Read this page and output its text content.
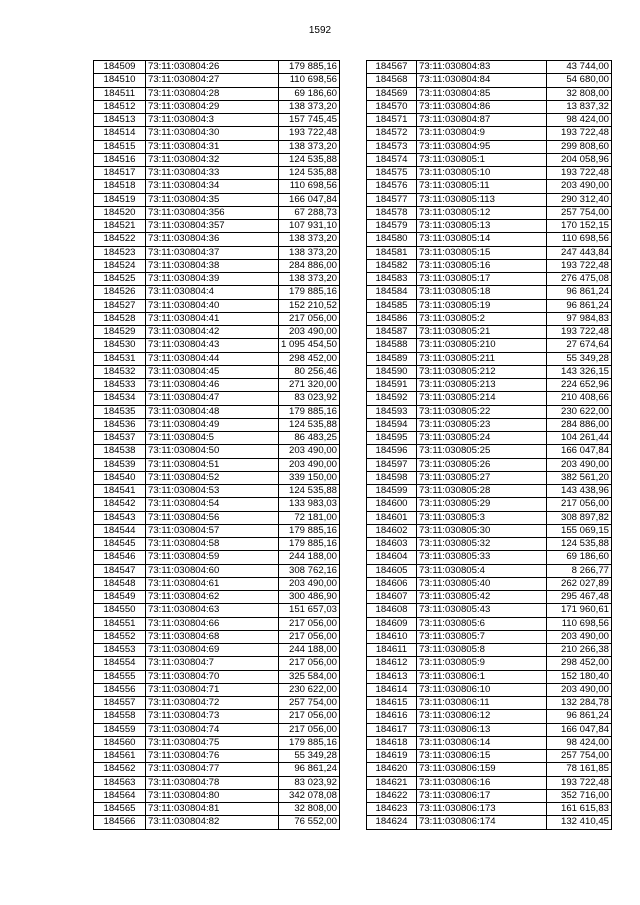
1592
184509	73:11:030804:26	179 885,16
184510	73:11:030804:27	110 698,56
184511	73:11:030804:28	69 186,60
184512	73:11:030804:29	138 373,20
184513	73:11:030804:3	157 745,45
184514	73:11:030804:30	193 722,48
184515	73:11:030804:31	138 373,20
184516	73:11:030804:32	124 535,88
184517	73:11:030804:33	124 535,88
184518	73:11:030804:34	110 698,56
184519	73:11:030804:35	166 047,84
184520	73:11:030804:356	67 288,73
184521	73:11:030804:357	107 931,10
184522	73:11:030804:36	138 373,20
184523	73:11:030804:37	138 373,20
184524	73:11:030804:38	284 886,00
184525	73:11:030804:39	138 373,20
184526	73:11:030804:4	179 885,16
184527	73:11:030804:40	152 210,52
184528	73:11:030804:41	217 056,00
184529	73:11:030804:42	203 490,00
184530	73:11:030804:43	1 095 454,50
184531	73:11:030804:44	298 452,00
184532	73:11:030804:45	80 256,46
184533	73:11:030804:46	271 320,00
184534	73:11:030804:47	83 023,92
184535	73:11:030804:48	179 885,16
184536	73:11:030804:49	124 535,88
184537	73:11:030804:5	86 483,25
184538	73:11:030804:50	203 490,00
184539	73:11:030804:51	203 490,00
184540	73:11:030804:52	339 150,00
184541	73:11:030804:53	124 535,88
184542	73:11:030804:54	133 983,03
184543	73:11:030804:56	72 181,00
184544	73:11:030804:57	179 885,16
184545	73:11:030804:58	179 885,16
184546	73:11:030804:59	244 188,00
184547	73:11:030804:60	308 762,16
184548	73:11:030804:61	203 490,00
184549	73:11:030804:62	300 486,90
184550	73:11:030804:63	151 657,03
184551	73:11:030804:66	217 056,00
184552	73:11:030804:68	217 056,00
184553	73:11:030804:69	244 188,00
184554	73:11:030804:7	217 056,00
184555	73:11:030804:70	325 584,00
184556	73:11:030804:71	230 622,00
184557	73:11:030804:72	257 754,00
184558	73:11:030804:73	217 056,00
184559	73:11:030804:74	217 056,00
184560	73:11:030804:75	179 885,16
184561	73:11:030804:76	55 349,28
184562	73:11:030804:77	96 861,24
184563	73:11:030804:78	83 023,92
184564	73:11:030804:80	342 078,08
184565	73:11:030804:81	32 808,00
184566	73:11:030804:82	76 552,00
184567	73:11:030804:83	43 744,00
184568	73:11:030804:84	54 680,00
184569	73:11:030804:85	32 808,00
184570	73:11:030804:86	13 837,32
184571	73:11:030804:87	98 424,00
184572	73:11:030804:9	193 722,48
184573	73:11:030804:95	299 808,60
184574	73:11:030805:1	204 058,96
184575	73:11:030805:10	193 722,48
184576	73:11:030805:11	203 490,00
184577	73:11:030805:113	290 312,40
184578	73:11:030805:12	257 754,00
184579	73:11:030805:13	170 152,15
184580	73:11:030805:14	110 698,56
184581	73:11:030805:15	247 443,84
184582	73:11:030805:16	193 722,48
184583	73:11:030805:17	276 475,08
184584	73:11:030805:18	96 861,24
184585	73:11:030805:19	96 861,24
184586	73:11:030805:2	97 984,83
184587	73:11:030805:21	193 722,48
184588	73:11:030805:210	27 674,64
184589	73:11:030805:211	55 349,28
184590	73:11:030805:212	143 326,15
184591	73:11:030805:213	224 652,96
184592	73:11:030805:214	210 408,66
184593	73:11:030805:22	230 622,00
184594	73:11:030805:23	284 886,00
184595	73:11:030805:24	104 261,44
184596	73:11:030805:25	166 047,84
184597	73:11:030805:26	203 490,00
184598	73:11:030805:27	382 561,20
184599	73:11:030805:28	143 438,96
184600	73:11:030805:29	217 056,00
184601	73:11:030805:3	308 897,82
184602	73:11:030805:30	155 069,15
184603	73:11:030805:32	124 535,88
184604	73:11:030805:33	69 186,60
184605	73:11:030805:4	8 266,77
184606	73:11:030805:40	262 027,89
184607	73:11:030805:42	295 467,48
184608	73:11:030805:43	171 960,61
184609	73:11:030805:6	110 698,56
184610	73:11:030805:7	203 490,00
184611	73:11:030805:8	210 266,38
184612	73:11:030805:9	298 452,00
184613	73:11:030806:1	152 180,40
184614	73:11:030806:10	203 490,00
184615	73:11:030806:11	132 284,78
184616	73:11:030806:12	96 861,24
184617	73:11:030806:13	166 047,84
184618	73:11:030806:14	98 424,00
184619	73:11:030806:15	257 754,00
184620	73:11:030806:159	78 161,85
184621	73:11:030806:16	193 722,48
184622	73:11:030806:17	352 716,00
184623	73:11:030806:173	161 615,83
184624	73:11:030806:174	132 410,45
